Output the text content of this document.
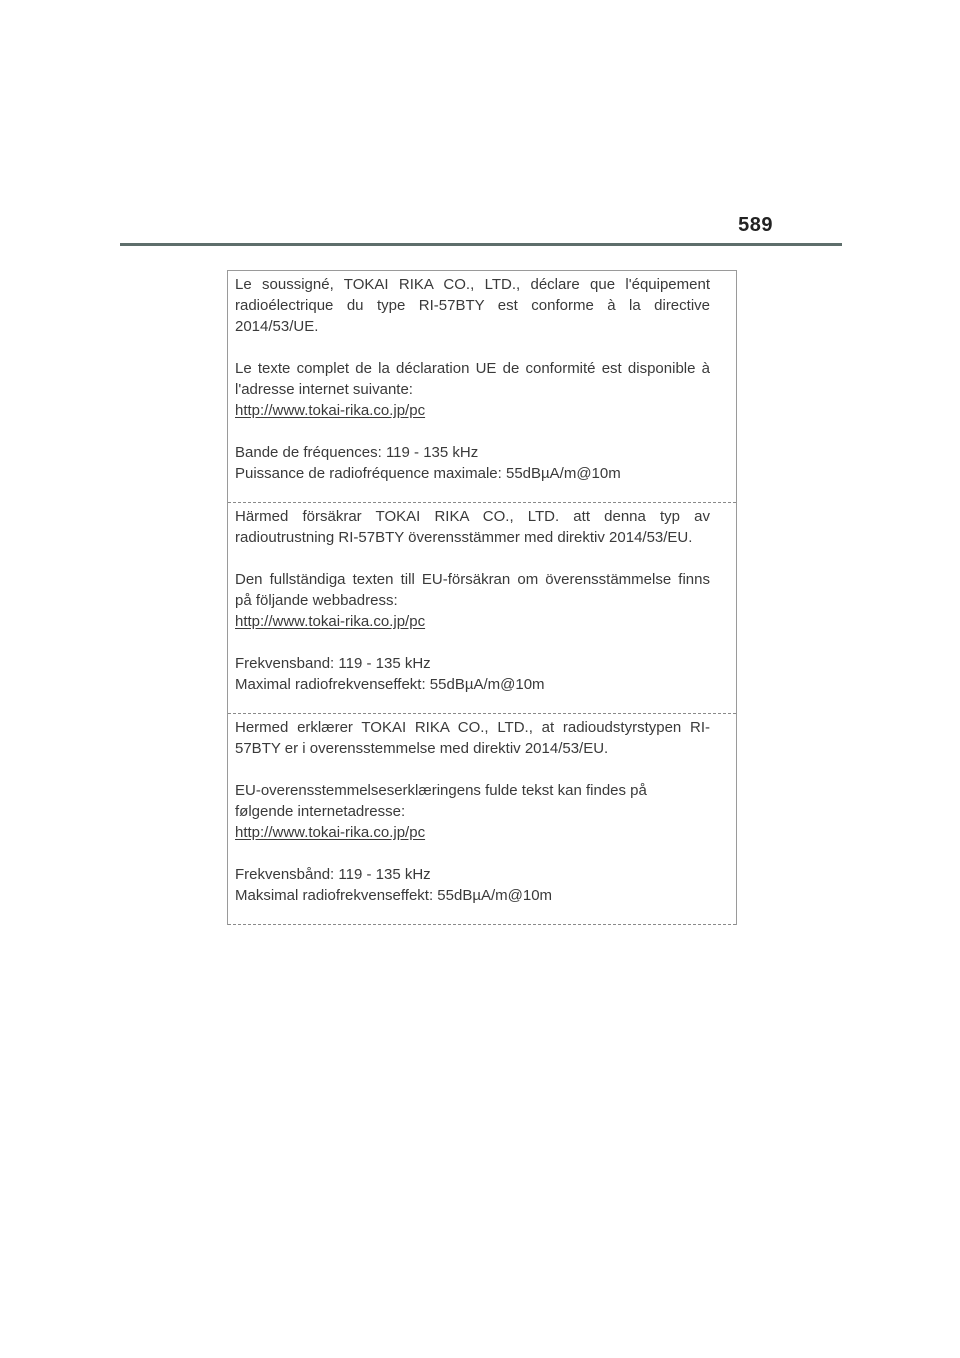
589

Le soussigné, TOKAI RIKA CO., LTD., déclare que l'équipement radioélectrique du type RI-57BTY est conforme à la directive 2014/53/UE.

Le texte complet de la déclaration UE de conformité est disponible à l'adresse internet suivante:
http://www.tokai-rika.co.jp/pc

Bande de fréquences: 119 - 135 kHz
Puissance de radiofréquence maximale: 55dBµA/m@10m

Härmed försäkrar TOKAI RIKA CO., LTD. att denna typ av radioutrustning RI-57BTY överensstämmer med direktiv 2014/53/EU.

Den fullständiga texten till EU-försäkran om överensstämmelse finns på följande webbadress:
http://www.tokai-rika.co.jp/pc

Frekvensband: 119 - 135 kHz
Maximal radiofrekvenseffekt: 55dBµA/m@10m

Hermed erklærer TOKAI RIKA CO., LTD., at radioudstyrstypen RI-57BTY er i overensstemmelse med direktiv 2014/53/EU.

EU-overensstemmelseserklæringens fulde tekst kan findes på
følgende internetadresse:
http://www.tokai-rika.co.jp/pc

Frekvensbånd: 119 - 135 kHz
Maksimal radiofrekvenseffekt: 55dBµA/m@10m
